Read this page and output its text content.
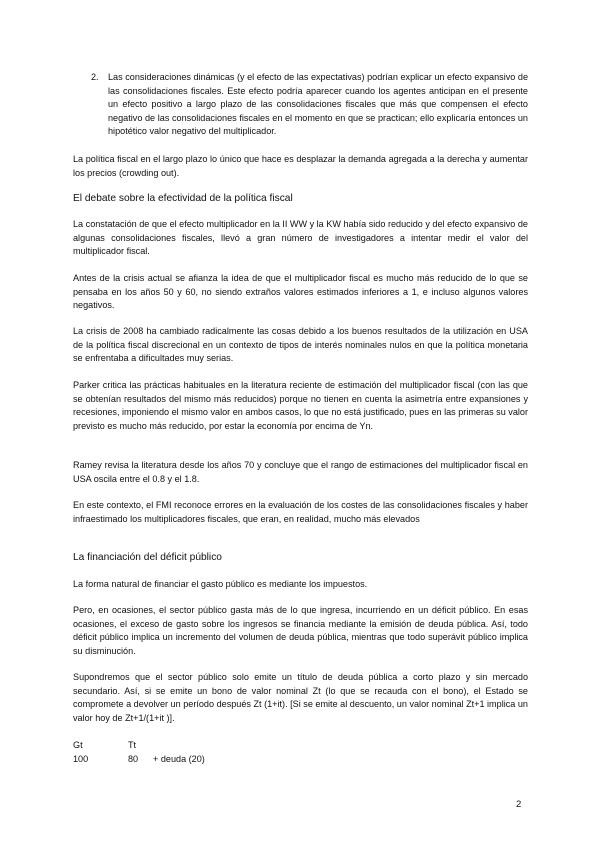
2. Las consideraciones dinámicas (y el efecto de las expectativas) podrían explicar un efecto expansivo de las consolidaciones fiscales. Este efecto podría aparecer cuando los agentes anticipan en el presente un efecto positivo a largo plazo de las consolidaciones fiscales que más que compensen el efecto negativo de las consolidaciones fiscales en el momento en que se practican; ello explicaría entonces un hipotético valor negativo del multiplicador.

La política fiscal en el largo plazo lo único que hace es desplazar la demanda agregada a la derecha y aumentar los precios (crowding out).

El debate sobre la efectividad de la política fiscal

La constatación de que el efecto multiplicador en la II WW y la KW había sido reducido y del efecto expansivo de algunas consolidaciones fiscales, llevó a gran número de investigadores a intentar medir el valor del multiplicador fiscal.

Antes de la crisis actual se afianza la idea de que el multiplicador fiscal es mucho más reducido de lo que se pensaba en los años 50 y 60, no siendo extraños valores estimados inferiores a 1, e incluso algunos valores negativos.

La crisis de 2008 ha cambiado radicalmente las cosas debido a los buenos resultados de la utilización en USA de la política fiscal discrecional en un contexto de tipos de interés nominales nulos en que la política monetaria se enfrentaba a dificultades muy serias.

Parker critica las prácticas habituales en la literatura reciente de estimación del multiplicador fiscal (con las que se obtenían resultados del mismo más reducidos) porque no tienen en cuenta la asimetría entre expansiones y recesiones, imponiendo el mismo valor en ambos casos, lo que no está justificado, pues en las primeras su valor previsto es mucho más reducido, por estar la economía por encima de Yn.

Ramey revisa la literatura desde los años 70 y concluye que el rango de estimaciones del multiplicador fiscal en USA oscila entre el 0.8 y el 1.8.

En este contexto, el FMI reconoce errores en la evaluación de los costes de las consolidaciones fiscales y haber infraestimado los multiplicadores fiscales, que eran, en realidad, mucho más elevados

La financiación del déficit público

La forma natural de financiar el gasto público es mediante los impuestos.

Pero, en ocasiones, el sector público gasta más de lo que ingresa, incurriendo en un déficit público. En esas ocasiones, el exceso de gasto sobre los ingresos se financia mediante la emisión de deuda pública. Así, todo déficit público implica un incremento del volumen de deuda pública, mientras que todo superávit público implica su disminución.

Supondremos que el sector público solo emite un título de deuda pública a corto plazo y sin mercado secundario. Así, si se emite un bono de valor nominal Zt (lo que se recauda con el bono), el Estado se compromete a devolver un período después Zt (1+it). [Si se emite al descuento, un valor nominal Zt+1 implica un valor hoy de Zt+1/(1+it )].

Gt	Tt
100	80 + deuda (20)
2
